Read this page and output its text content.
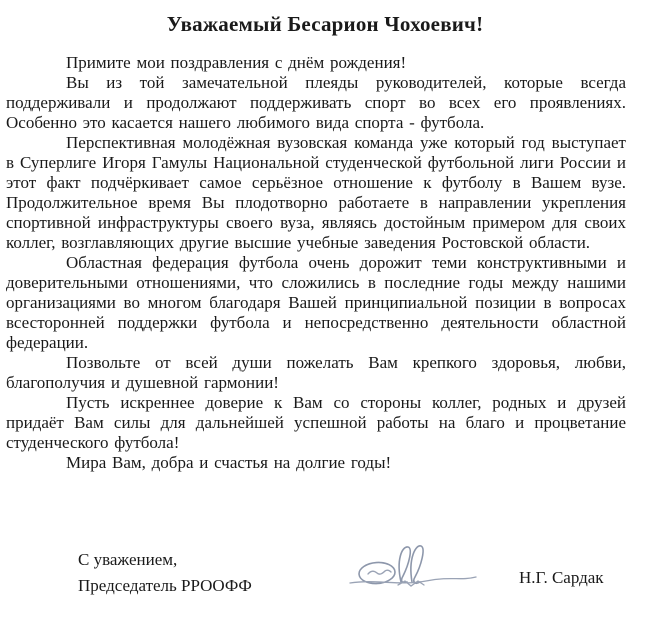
Уважаемый Бесарион Чохоевич!

Примите мои поздравления с днём рождения!

Вы из той замечательной плеяды руководителей, которые всегда поддерживали и продолжают поддерживать спорт во всех его проявлениях. Особенно это касается нашего любимого вида спорта - футбола.

Перспективная молодёжная вузовская команда уже который год выступает в Суперлиге Игоря Гамулы Национальной студенческой футбольной лиги России и этот факт подчёркивает самое серьёзное отношение к футболу в Вашем вузе. Продолжительное время Вы плодотворно работаете в направлении укрепления спортивной инфраструктуры своего вуза, являясь достойным примером для своих коллег, возглавляющих другие высшие учебные заведения Ростовской области.

Областная федерация футбола очень дорожит теми конструктивными и доверительными отношениями, что сложились в последние годы между нашими организациями во многом благодаря Вашей принципиальной позиции в вопросах всесторонней поддержки футбола и непосредственно деятельности областной федерации.

Позвольте от всей души пожелать Вам крепкого здоровья, любви, благополучия и душевной гармонии!

Пусть искреннее доверие к Вам со стороны коллег, родных и друзей придаёт Вам силы для дальнейшей успешной работы на благо и процветание студенческого футбола!

Мира Вам, добра и счастья на долгие годы!

С уважением,
Председатель РРООФФ	Н.Г. Сардак
